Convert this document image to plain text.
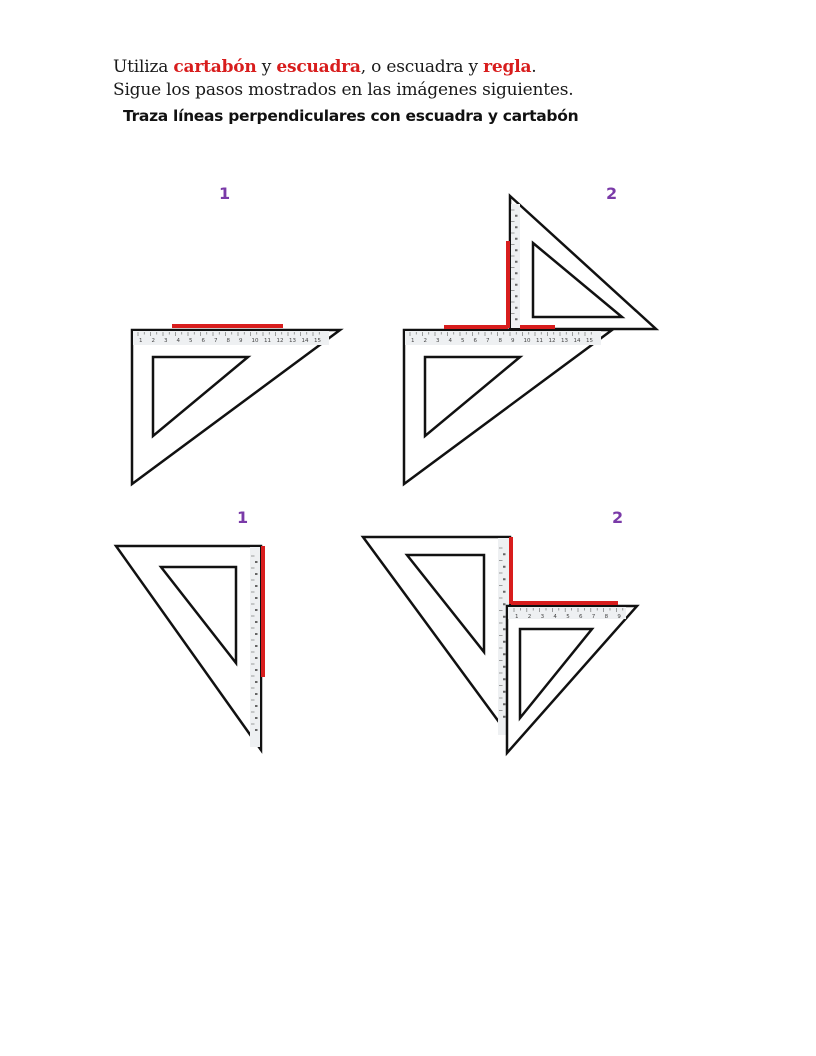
Utiliza cartabón y escuadra, o escuadra y regla.
Sigue los pasos mostrados en las imágenes siguientes.
Traza líneas perpendiculares con escuadra y cartabón
1	2
1	2
1 2 3 4 5 6 7 8 9 10 11 12 13 14 15	1 2 3 4 5 6 7 8 9 10 11 12 13 14 15
1 2 3 4 5 6 7 8 9
